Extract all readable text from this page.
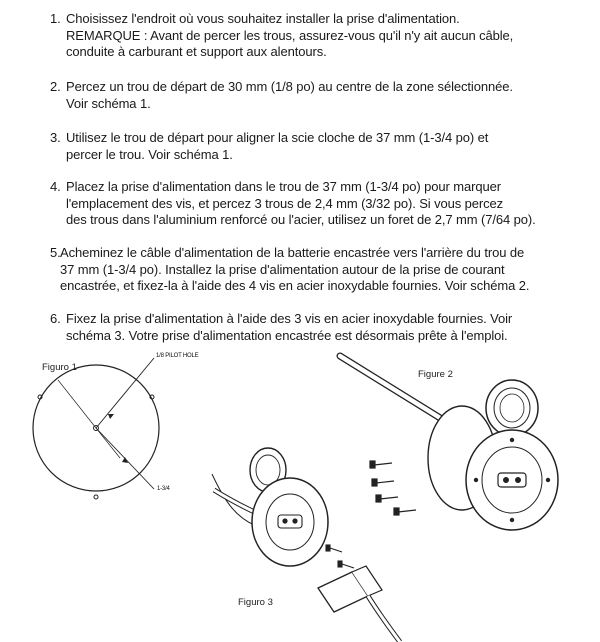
1. Choisissez l'endroit où vous souhaitez installer la prise d'alimentation.
REMARQUE : Avant de percer les trous, assurez-vous qu'il n'y ait aucun câble,
conduite à carburant et support aux alentours.
2. Percez un trou de départ de 30 mm (1/8 po) au centre de la zone sélectionnée.
Voir schéma 1.
3. Utilisez le trou de départ pour aligner la scie cloche de 37 mm (1-3/4 po) et
percer le trou. Voir schéma 1.
4. Placez la prise d'alimentation dans le trou de 37 mm (1-3/4 po) pour marquer
l'emplacement des vis, et percez 3 trous de 2,4 mm (3/32 po). Si vous percez
des trous dans l'aluminium renforcé ou l'acier, utilisez un foret de 2,7 mm (7/64 po).
5. Acheminez le câble d'alimentation de la batterie encastrée vers l'arrière du trou de
37 mm (1-3/4 po). Installez la prise d'alimentation autour de la prise de courant
encastrée, et fixez-la à l'aide des 4 vis en acier inoxydable fournies. Voir schéma 2.
6. Fixez la prise d'alimentation à l'aide des 3 vis en acier inoxydable fournies. Voir
schéma 3. Votre prise d'alimentation encastrée est désormais prête à l'emploi.
Figuro 1
1/8 PILOT HOLE
1-3/4
Figure 2
Figuro 3
